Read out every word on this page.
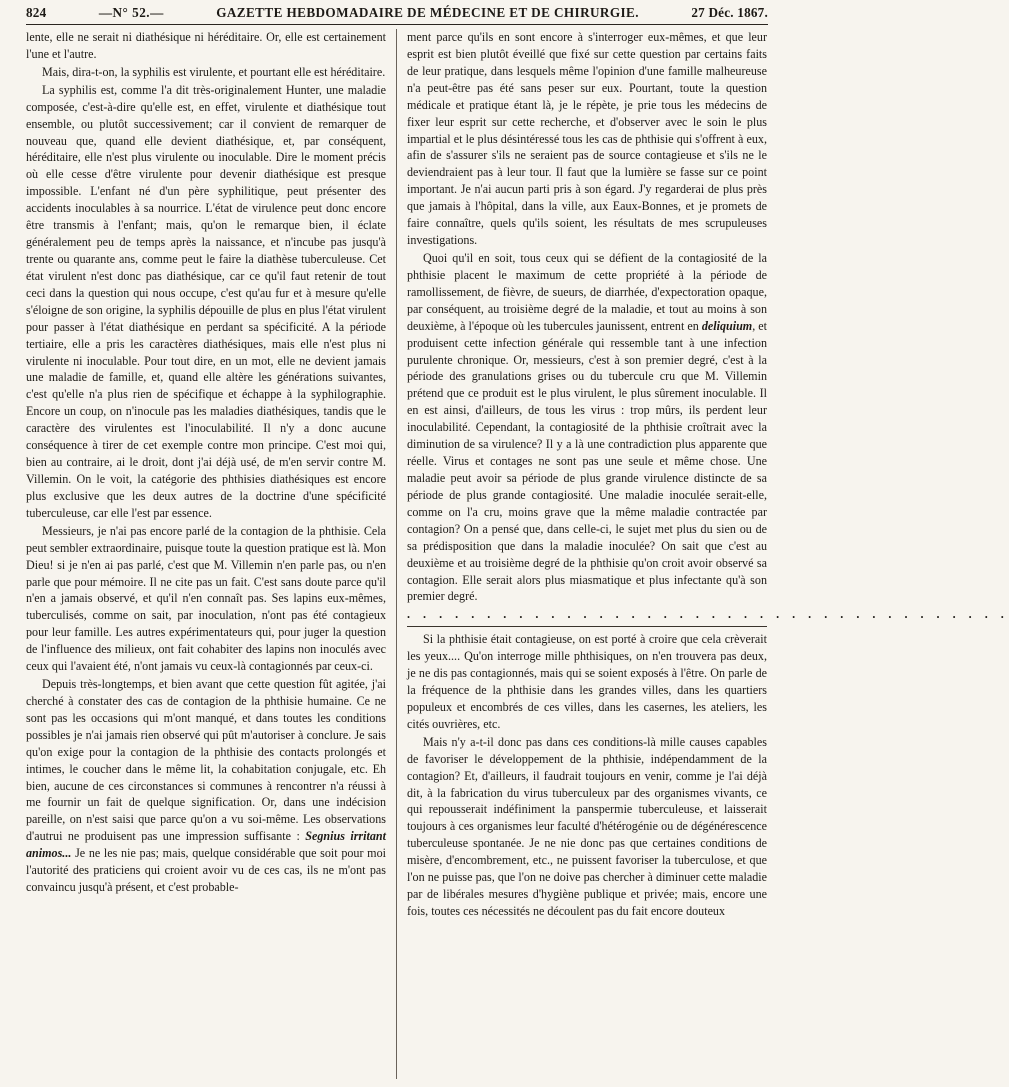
824	—N° 52.—	GAZETTE HEBDOMADAIRE DE MÉDECINE ET DE CHIRURGIE.	27 Déc. 1867.

lente, elle ne serait ni diathésique ni héréditaire. Or, elle est certainement l'une et l'autre.

Mais, dira-t-on, la syphilis est virulente, et pourtant elle est héréditaire.

La syphilis est, comme l'a dit très-originalement Hunter, une maladie composée, c'est-à-dire qu'elle est, en effet, virulente et diathésique tout ensemble, ou plutôt successivement; car il convient de remarquer de nouveau que, quand elle devient diathésique, et, par conséquent, héréditaire, elle n'est plus virulente ou inoculable. Dire le moment précis où elle cesse d'être virulente pour devenir diathésique est presque impossible. L'enfant né d'un père syphilitique, peut présenter des accidents inoculables à sa nourrice. L'état de virulence peut donc encore être transmis à l'enfant; mais, qu'on le remarque bien, il éclate généralement peu de temps après la naissance, et n'incube pas jusqu'à trente ou quarante ans, comme peut le faire la diathèse tuberculeuse. Cet état virulent n'est donc pas diathésique, car ce qu'il faut retenir de tout ceci dans la question qui nous occupe, c'est qu'au fur et à mesure qu'elle s'éloigne de son origine, la syphilis dépouille de plus en plus l'état virulent pour passer à l'état diathésique en perdant sa spécificité. A la période tertiaire, elle a pris les caractères diathésiques, mais elle n'est plus ni virulente ni inoculable. Pour tout dire, en un mot, elle ne devient jamais une maladie de famille, et, quand elle altère les générations suivantes, c'est qu'elle n'a plus rien de spécifique et échappe à la syphilographie. Encore un coup, on n'inocule pas les maladies diathésiques, tandis que le caractère des virulentes est l'inoculabilité. Il n'y a donc aucune conséquence à tirer de cet exemple contre mon principe. C'est moi qui, bien au contraire, ai le droit, dont j'ai déjà usé, de m'en servir contre M. Villemin. On le voit, la catégorie des phthisies diathésiques est encore plus exclusive que les deux autres de la doctrine d'une spécificité tuberculeuse, car elle l'est par essence.

Messieurs, je n'ai pas encore parlé de la contagion de la phthisie. Cela peut sembler extraordinaire, puisque toute la question pratique est là. Mon Dieu! si je n'en ai pas parlé, c'est que M. Villemin n'en parle pas, ou n'en parle que pour mémoire. Il ne cite pas un fait. C'est sans doute parce qu'il n'en a jamais observé, et qu'il n'en connaît pas. Ses lapins eux-mêmes, tuberculisés, comme on sait, par inoculation, n'ont pas été contagieux pour leur famille. Les autres expérimentateurs qui, pour juger la question de l'influence des milieux, ont fait cohabiter des lapins non inoculés avec ceux qui l'avaient été, n'ont jamais vu ceux-là contagionnés par ceux-ci.

Depuis très-longtemps, et bien avant que cette question fût agitée, j'ai cherché à constater des cas de contagion de la phthisie humaine. Ce ne sont pas les occasions qui m'ont manqué, et dans toutes les conditions possibles je n'ai jamais rien observé qui pût m'autoriser à conclure. Je sais qu'on exige pour la contagion de la phthisie des contacts prolongés et intimes, le coucher dans le même lit, la cohabitation conjugale, etc. Eh bien, aucune de ces circonstances si communes à rencontrer n'a réussi à me fournir un fait de quelque signification. Or, dans une indécision pareille, on n'est saisi que parce qu'on a vu soi-même. Les observations d'autrui ne produisent pas une impression suffisante : Segnius irritant animos... Je ne les nie pas; mais, quelque considérable que soit pour moi l'autorité des praticiens qui croient avoir vu de ces cas, ils ne m'ont pas convaincu jusqu'à présent, et c'est probable-

ment parce qu'ils en sont encore à s'interroger eux-mêmes, et que leur esprit est bien plutôt éveillé que fixé sur cette question par certains faits de leur pratique, dans lesquels même l'opinion d'une famille malheureuse n'a peut-être pas été sans peser sur eux. Pourtant, toute la question médicale et pratique étant là, je le répète, je prie tous les médecins de fixer leur esprit sur cette recherche, et d'observer avec le soin le plus impartial et le plus désintéressé tous les cas de phthisie qui s'offrent à eux, afin de s'assurer s'ils ne seraient pas de source contagieuse et s'ils ne le deviendraient pas à leur tour. Il faut que la lumière se fasse sur ce point important. Je n'ai aucun parti pris à son égard. J'y regarderai de plus près que jamais à l'hôpital, dans la ville, aux Eaux-Bonnes, et je promets de faire connaître, quels qu'ils soient, les résultats de mes scrupuleuses investigations.

Quoi qu'il en soit, tous ceux qui se défient de la contagiosité de la phthisie placent le maximum de cette propriété à la période de ramollissement, de fièvre, de sueurs, de diarrhée, d'expectoration opaque, par conséquent, au troisième degré de la maladie, et tout au moins à son deuxième, à l'époque où les tubercules jaunissent, entrent en deliquium, et produisent cette infection générale qui ressemble tant à une infection purulente chronique. Or, messieurs, c'est à son premier degré, c'est à la période des granulations grises ou du tubercule cru que M. Villemin prétend que ce produit est le plus virulent, le plus sûrement inoculable. Il en est ainsi, d'ailleurs, de tous les virus : trop mûrs, ils perdent leur inoculabilité. Cependant, la contagiosité de la phthisie croîtrait avec la diminution de sa virulence? Il y a là une contradiction plus apparente que réelle. Virus et contages ne sont pas une seule et même chose. Une maladie peut avoir sa période de plus grande virulence distincte de sa période de plus grande contagiosité. Une maladie inoculée serait-elle, comme on l'a cru, moins grave que la même maladie contractée par contagion? On a pensé que, dans celle-ci, le sujet met plus du sien ou de sa prédisposition que dans la maladie inoculée? On sait que c'est au deuxième et au troisième degré de la phthisie qu'on croit avoir observé sa contagion. Elle serait alors plus miasmatique et plus infectante qu'à son premier degré.

. . . . . . . . . . . . . . . . . . . . . . . . . . . . . . . . . . . . . .

Si la phthisie était contagieuse, on est porté à croire que cela crèverait les yeux.... Qu'on interroge mille phthisiques, on n'en trouvera pas deux, je ne dis pas contagionnés, mais qui se soient exposés à l'être. On parle de la fréquence de la phthisie dans les grandes villes, dans les quartiers populeux et encombrés de ces villes, dans les casernes, les ateliers, les cités ouvrières, etc.

Mais n'y a-t-il donc pas dans ces conditions-là mille causes capables de favoriser le développement de la phthisie, indépendamment de la contagion? Et, d'ailleurs, il faudrait toujours en venir, comme je l'ai déjà dit, à la fabrication du virus tuberculeux par des organismes vivants, ce qui repousserait indéfiniment la panspermie tuberculeuse, et laisserait toujours à ces organismes leur faculté d'hétérogénie ou de dégénérescence tuberculeuse spontanée. Je ne nie donc pas que certaines conditions de misère, d'encombrement, etc., ne puissent favoriser la tuberculose, et que l'on ne puisse pas, que l'on ne doive pas chercher à diminuer cette maladie par de libérales mesures d'hygiène publique et privée; mais, encore une fois, toutes ces nécessités ne découlent pas du fait encore douteux
